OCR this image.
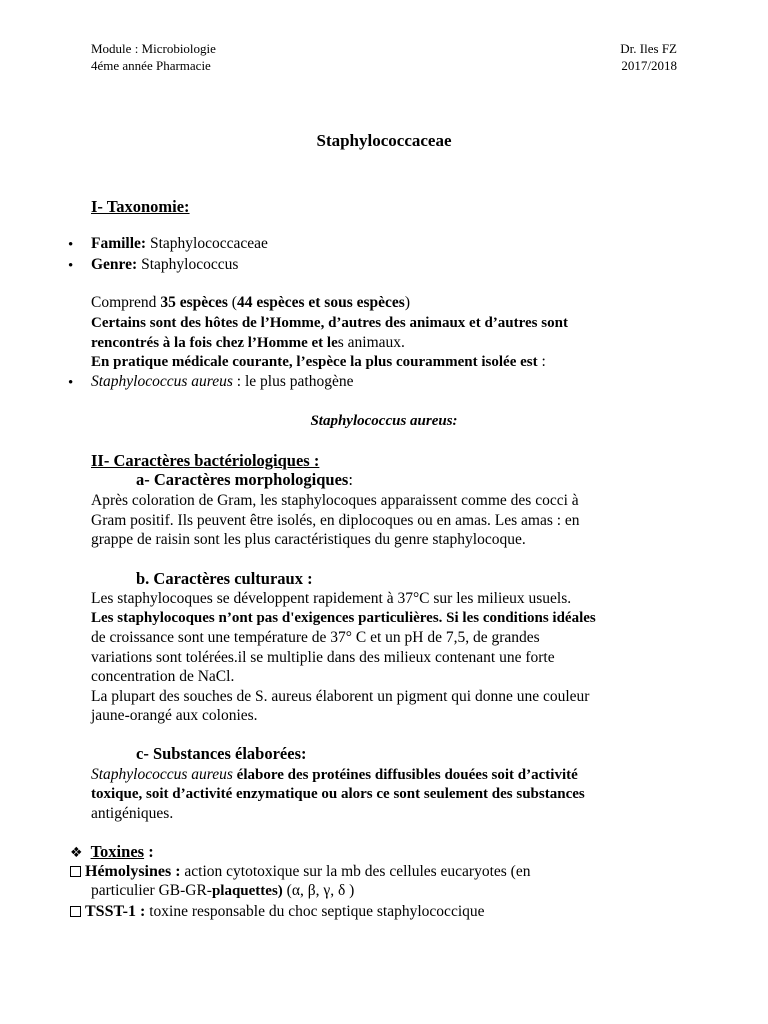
Module : Microbiologie
4éme année Pharmacie
Dr. Iles FZ
2017/2018
Staphylococcaceae
I- Taxonomie:
• Famille: Staphylococcaceae
• Genre: Staphylococcus
Comprend 35 espèces (44 espèces et sous espèces)
Certains sont des hôtes de l’Homme, d’autres des animaux et d’autres sont
rencontrés à la fois chez l’Homme et les animaux.
En pratique médicale courante, l’espèce la plus couramment isolée est :
• Staphylococcus aureus : le plus pathogène
Staphylococcus aureus:
II- Caractères bactériologiques :
a- Caractères morphologiques:
Après coloration de Gram, les staphylocoques apparaissent comme des cocci à
Gram positif. Ils peuvent être isolés, en diplocoques ou en amas. Les amas : en
grappe de raisin sont les plus caractéristiques du genre staphylocoque.
b. Caractères culturaux :
Les staphylocoques se développent rapidement à 37°C sur les milieux usuels.
Les staphylocoques n’ont pas d'exigences particulières. Si les conditions idéales
de croissance sont une température de 37° C et un pH de 7,5, de grandes
variations sont tolérées.il se multiplie dans des milieux contenant une forte
concentration de NaCl.
La plupart des souches de S. aureus élaborent un pigment qui donne une couleur
jaune-orangé aux colonies.
c- Substances élaborées:
Staphylococcus aureus élabore des protéines diffusibles douées soit d’activité
toxique, soit d’activité enzymatique ou alors ce sont seulement des substances
antigéniques.
❖ Toxines :
Hémolysines : action cytotoxique sur la mb des cellules eucaryotes (en
particulier GB-GR-plaquettes) (α, β, γ, δ )
TSST-1 : toxine responsable du choc septique staphylococcique
